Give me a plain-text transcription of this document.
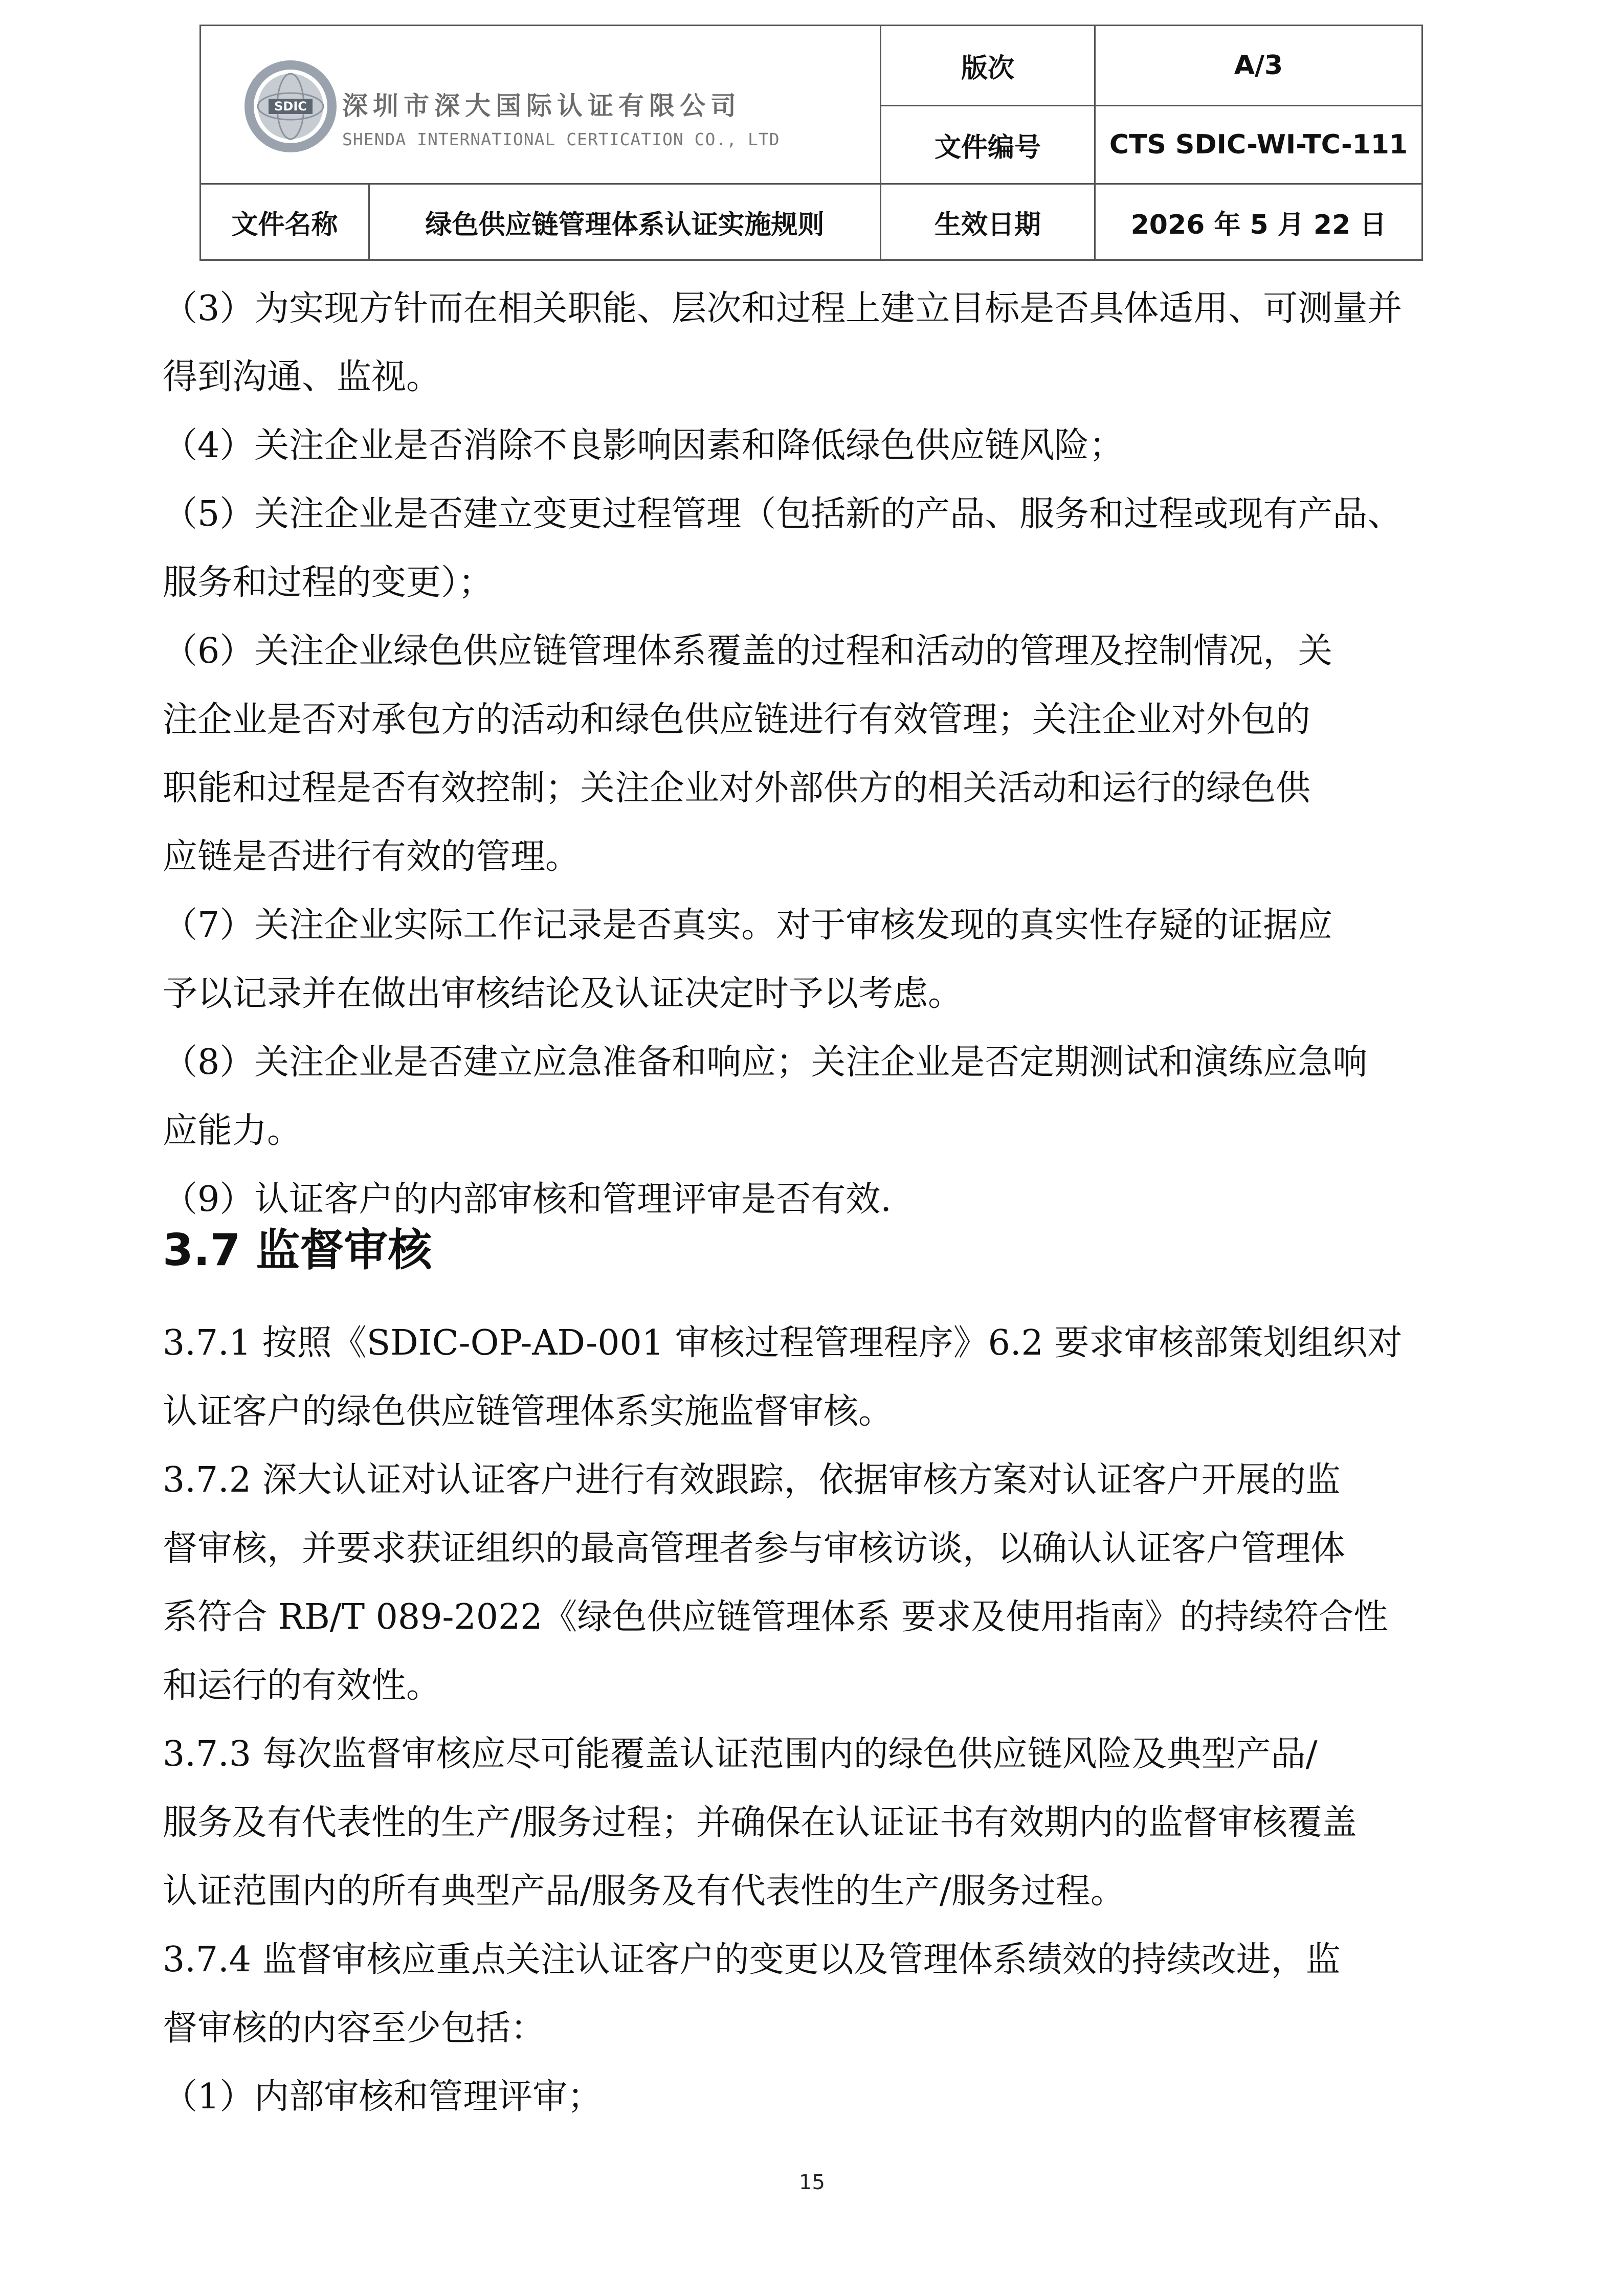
SDIC 深圳市深大国际认证有限公司
SHENDA INTERNATIONAL CERTICATION CO., LTD
版次	A/3
文件编号	CTS SDIC-WI-TC-111
文件名称	绿色供应链管理体系认证实施规则	生效日期	2026 年 5 月 22 日
（3）为实现方针而在相关职能、层次和过程上建立目标是否具体适用、可测量并
得到沟通、监视。
（4）关注企业是否消除不良影响因素和降低绿色供应链风险；
（5）关注企业是否建立变更过程管理（包括新的产品、服务和过程或现有产品、
服务和过程的变更）；
（6）关注企业绿色供应链管理体系覆盖的过程和活动的管理及控制情况，关
注企业是否对承包方的活动和绿色供应链进行有效管理；关注企业对外包的
职能和过程是否有效控制；关注企业对外部供方的相关活动和运行的绿色供
应链是否进行有效的管理。
（7）关注企业实际工作记录是否真实。对于审核发现的真实性存疑的证据应
予以记录并在做出审核结论及认证决定时予以考虑。
（8）关注企业是否建立应急准备和响应；关注企业是否定期测试和演练应急响
应能力。
（9）认证客户的内部审核和管理评审是否有效.
3.7 监督审核
3.7.1 按照《SDIC-OP-AD-001 审核过程管理程序》6.2 要求审核部策划组织对
认证客户的绿色供应链管理体系实施监督审核。
3.7.2 深大认证对认证客户进行有效跟踪，依据审核方案对认证客户开展的监
督审核，并要求获证组织的最高管理者参与审核访谈，以确认认证客户管理体
系符合 RB/T 089-2022《绿色供应链管理体系 要求及使用指南》的持续符合性
和运行的有效性。
3.7.3 每次监督审核应尽可能覆盖认证范围内的绿色供应链风险及典型产品/
服务及有代表性的生产/服务过程；并确保在认证证书有效期内的监督审核覆盖
认证范围内的所有典型产品/服务及有代表性的生产/服务过程。
3.7.4 监督审核应重点关注认证客户的变更以及管理体系绩效的持续改进，监
督审核的内容至少包括：
（1）内部审核和管理评审；
15
